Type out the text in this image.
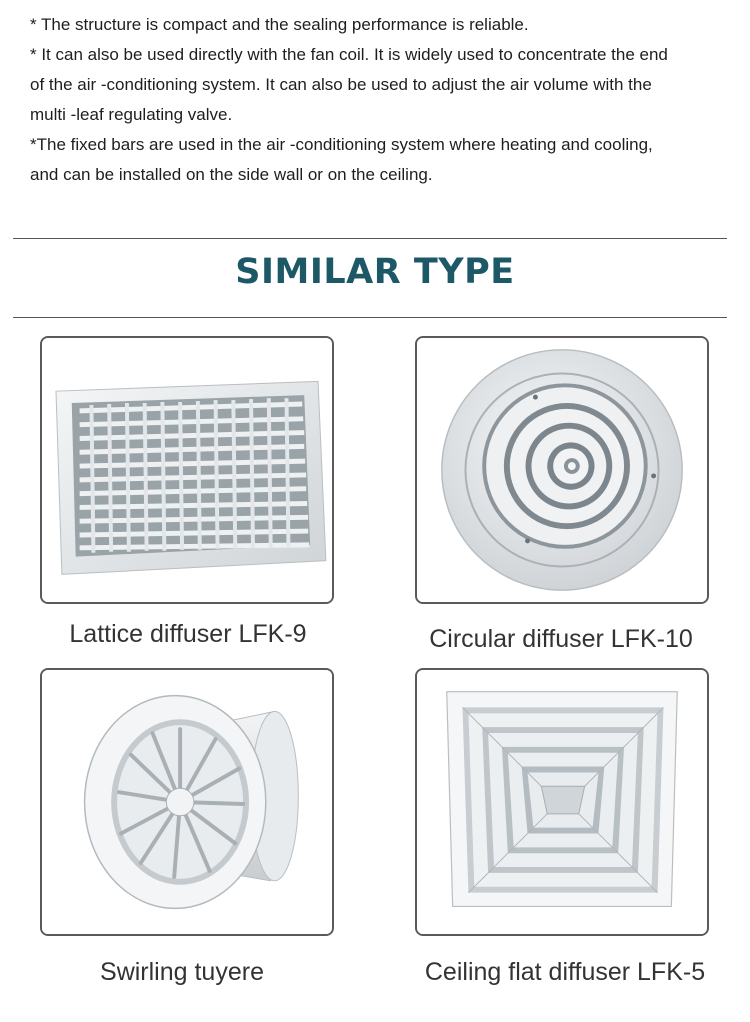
* The structure is compact and the sealing performance is reliable.

* It can also be used directly with the fan coil. It is widely used to concentrate the end

of the air -conditioning system. It can also be used to adjust the air volume with the

multi -leaf regulating valve.

*The fixed bars are used in the air -conditioning system where heating and cooling,

and can be installed on the side wall or on the ceiling.

SIMILAR TYPE
Lattice diffuser LFK-9	Circular diffuser LFK-10
Swirling tuyere	Ceiling flat diffuser LFK-5
